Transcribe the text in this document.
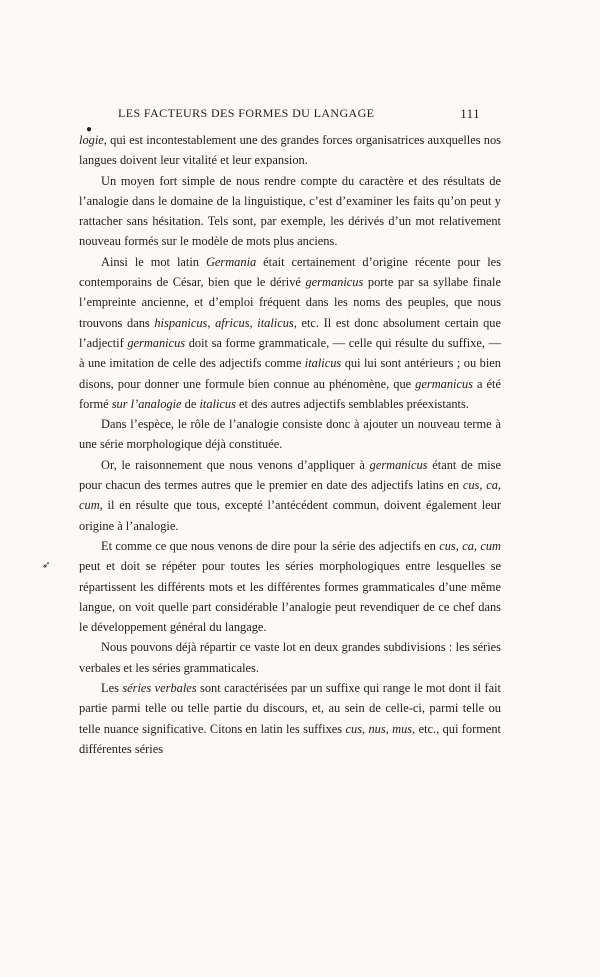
LES FACTEURS DES FORMES DU LANGAGE	111
●
➶

logie, qui est incontestablement une des grandes forces organisatrices auxquelles nos langues doivent leur vitalité et leur expansion.

Un moyen fort simple de nous rendre compte du caractère et des résultats de l’analogie dans le domaine de la linguistique, c’est d’examiner les faits qu’on peut y rattacher sans hésitation. Tels sont, par exemple, les dérivés d’un mot relativement nouveau formés sur le modèle de mots plus anciens.

Ainsi le mot latin Germania était certainement d’origine récente pour les contemporains de César, bien que le dérivé germanicus porte par sa syllabe finale l’empreinte ancienne, et d’emploi fréquent dans les noms des peuples, que nous trouvons dans hispanicus, africus, italicus, etc. Il est donc absolument certain que l’adjectif germanicus doit sa forme grammaticale, — celle qui résulte du suffixe, — à une imitation de celle des adjectifs comme italicus qui lui sont antérieurs ; ou bien disons, pour donner une formule bien connue au phénomène, que germanicus a été formé sur l’analogie de italicus et des autres adjectifs semblables préexistants.

Dans l’espèce, le rôle de l’analogie consiste donc à ajouter un nouveau terme à une série morphologique déjà constituée.

Or, le raisonnement que nous venons d’appliquer à germanicus étant de mise pour chacun des termes autres que le premier en date des adjectifs latins en cus, ca, cum, il en résulte que tous, excepté l’antécédent commun, doivent également leur origine à l’analogie.

Et comme ce que nous venons de dire pour la série des adjectifs en cus, ca, cum peut et doit se répéter pour toutes les séries morphologiques entre lesquelles se répartissent les différents mots et les différentes formes grammaticales d’une même langue, on voit quelle part considérable l’analogie peut revendiquer de ce chef dans le développement général du langage.

Nous pouvons déjà répartir ce vaste lot en deux grandes subdivisions : les séries verbales et les séries grammaticales.

Les séries verbales sont caractérisées par un suffixe qui range le mot dont il fait partie parmi telle ou telle partie du discours, et, au sein de celle-ci, parmi telle ou telle nuance significative. Citons en latin les suffixes cus, nus, mus, etc., qui forment différentes séries
